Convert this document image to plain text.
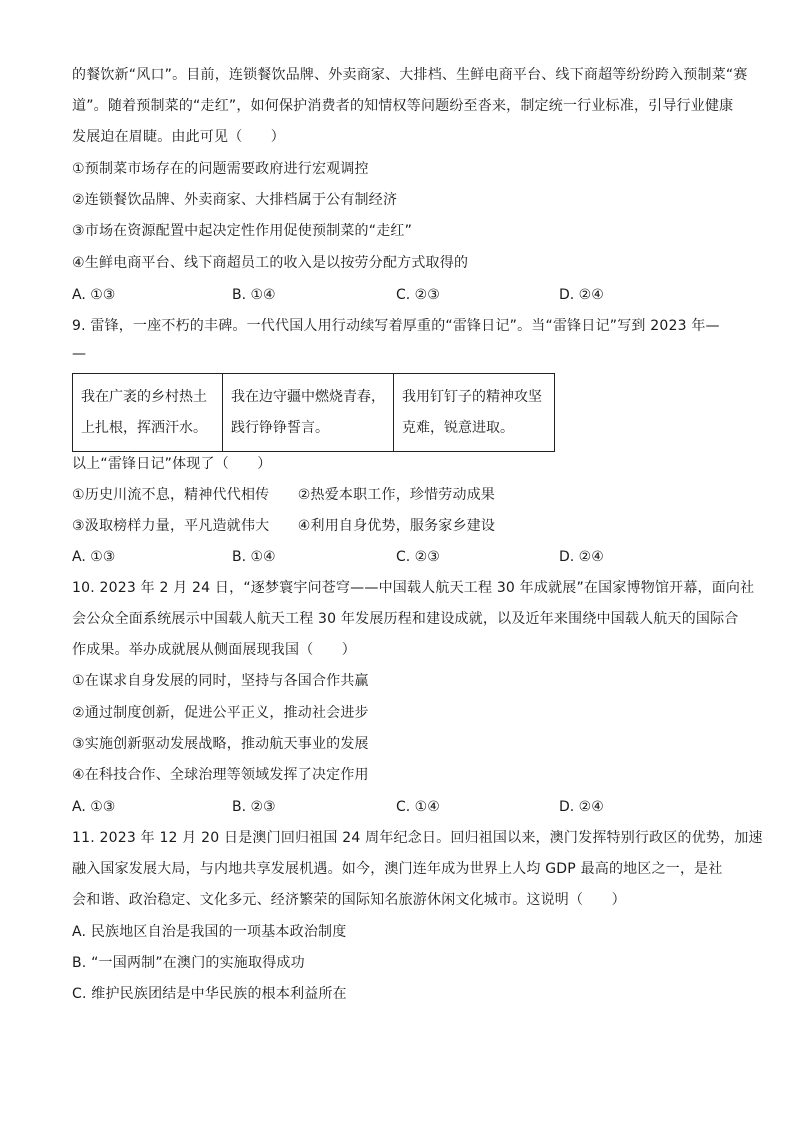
的餐饮新“风口”。目前，连锁餐饮品牌、外卖商家、大排档、生鲜电商平台、线下商超等纷纷跨入预制菜“赛
道”。随着预制菜的“走红”，如何保护消费者的知情权等问题纷至沓来，制定统一行业标准，引导行业健康
发展迫在眉睫。由此可见（　　）
①预制菜市场存在的问题需要政府进行宏观调控
②连锁餐饮品牌、外卖商家、大排档属于公有制经济
③市场在资源配置中起决定性作用促使预制菜的“走红”
④生鲜电商平台、线下商超员工的收入是以按劳分配方式取得的
A. ①③	B. ①④	C. ②③	D. ②④
9. 雷锋，一座不朽的丰碑。一代代国人用行动续写着厚重的“雷锋日记”。当“雷锋日记”写到 2023 年—
—
我在广袤的乡村热土
上扎根，挥洒汗水。

我在边守疆中燃烧青春，
践行铮铮誓言。

我用钉钉子的精神攻坚
克难，锐意进取。
以上“雷锋日记”体现了（　　）
①历史川流不息，精神代代相传　　②热爱本职工作，珍惜劳动成果
③汲取榜样力量，平凡造就伟大　　④利用自身优势，服务家乡建设
A. ①③	B. ①④	C. ②③	D. ②④
10. 2023 年 2 月 24 日，“逐梦寰宇问苍穹——中国载人航天工程 30 年成就展”在国家博物馆开幕，面向社
会公众全面系统展示中国载人航天工程 30 年发展历程和建设成就，以及近年来围绕中国载人航天的国际合
作成果。举办成就展从侧面展现我国（　　）
①在谋求自身发展的同时，坚持与各国合作共赢
②通过制度创新，促进公平正义，推动社会进步
③实施创新驱动发展战略，推动航天事业的发展
④在科技合作、全球治理等领域发挥了决定作用
A. ①③	B. ②③	C. ①④	D. ②④
11. 2023 年 12 月 20 日是澳门回归祖国 24 周年纪念日。回归祖国以来，澳门发挥特别行政区的优势，加速
融入国家发展大局，与内地共享发展机遇。如今，澳门连年成为世界上人均 GDP 最高的地区之一，是社
会和谐、政治稳定、文化多元、经济繁荣的国际知名旅游休闲文化城市。这说明（　　）
A. 民族地区自治是我国的一项基本政治制度
B. “一国两制”在澳门的实施取得成功
C. 维护民族团结是中华民族的根本利益所在
